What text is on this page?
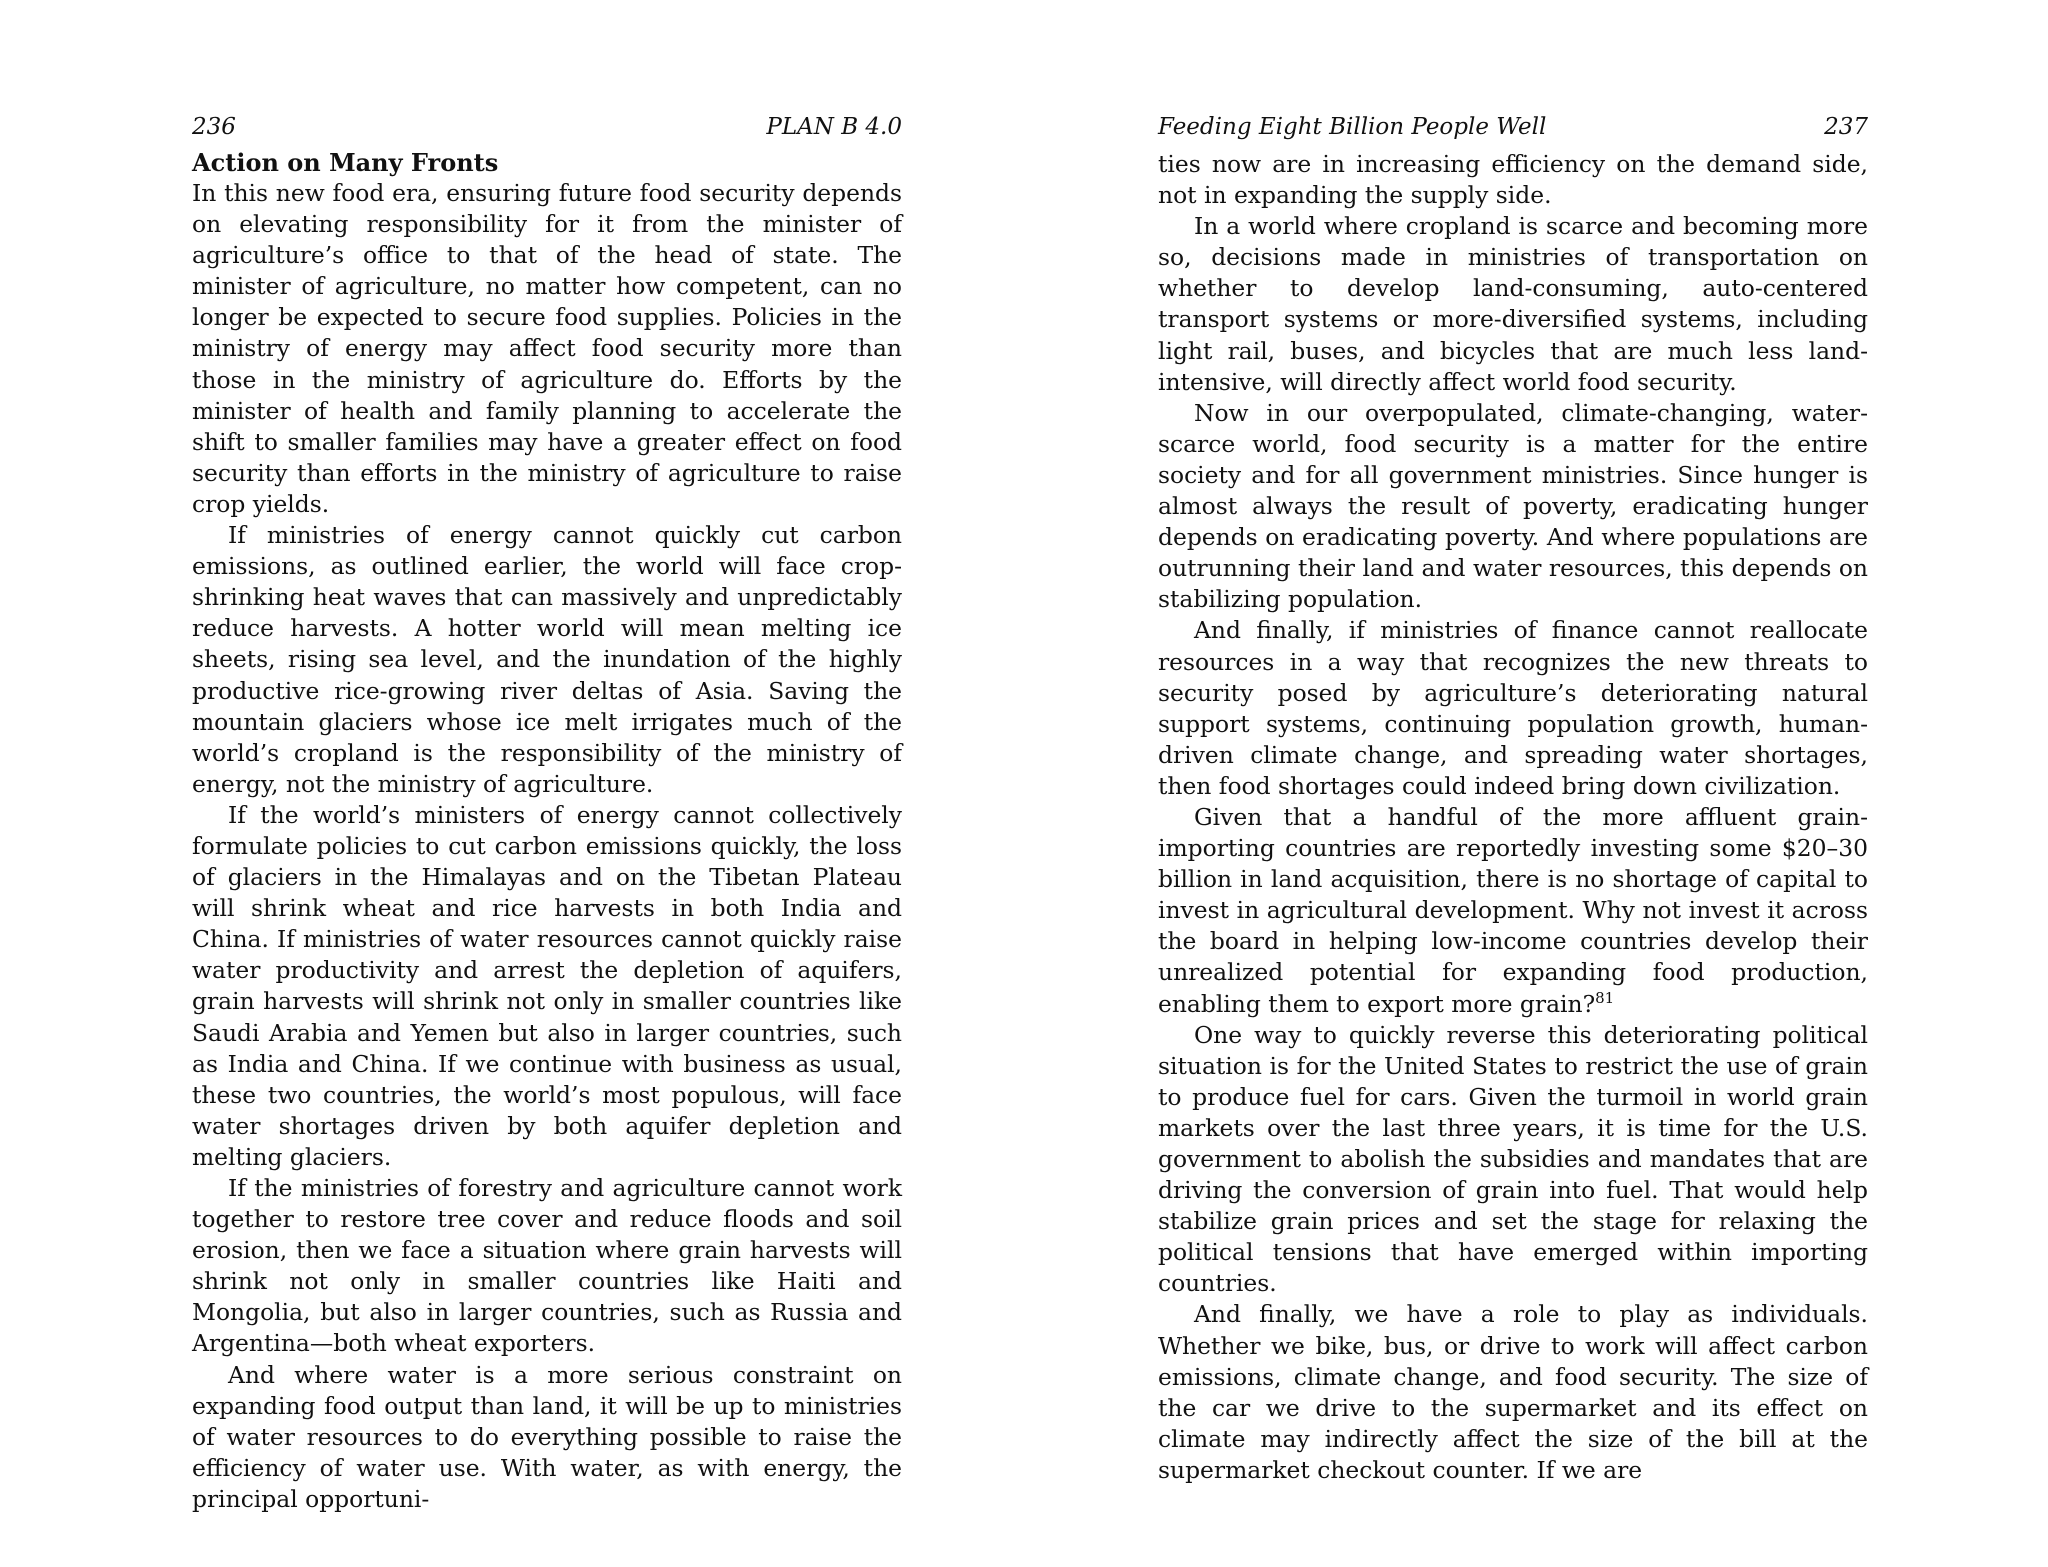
236	PLAN B 4.0
Action on Many Fronts

In this new food era, ensuring future food security depends on elevating responsibility for it from the minister of agriculture’s office to that of the head of state. The minister of agriculture, no matter how competent, can no longer be expected to secure food supplies. Policies in the ministry of energy may affect food security more than those in the ministry of agriculture do. Efforts by the minister of health and family planning to accelerate the shift to smaller families may have a greater effect on food security than efforts in the ministry of agriculture to raise crop yields.

If ministries of energy cannot quickly cut carbon emissions, as outlined earlier, the world will face crop-shrinking heat waves that can massively and unpredictably reduce harvests. A hotter world will mean melting ice sheets, rising sea level, and the inundation of the highly productive rice-growing river deltas of Asia. Saving the mountain glaciers whose ice melt irrigates much of the world’s cropland is the responsibility of the ministry of energy, not the ministry of agriculture.

If the world’s ministers of energy cannot collectively formulate policies to cut carbon emissions quickly, the loss of glaciers in the Himalayas and on the Tibetan Plateau will shrink wheat and rice harvests in both India and China. If ministries of water resources cannot quickly raise water productivity and arrest the depletion of aquifers, grain harvests will shrink not only in smaller countries like Saudi Arabia and Yemen but also in larger countries, such as India and China. If we continue with business as usual, these two countries, the world’s most populous, will face water shortages driven by both aquifer depletion and melting glaciers.

If the ministries of forestry and agriculture cannot work together to restore tree cover and reduce floods and soil erosion, then we face a situation where grain harvests will shrink not only in smaller countries like Haiti and Mongolia, but also in larger countries, such as Russia and Argentina—both wheat exporters.

And where water is a more serious constraint on expanding food output than land, it will be up to ministries of water resources to do everything possible to raise the efficiency of water use. With water, as with energy, the principal opportuni-

Feeding Eight Billion People Well	237

ties now are in increasing efficiency on the demand side, not in expanding the supply side.

In a world where cropland is scarce and becoming more so, decisions made in ministries of transportation on whether to develop land-consuming, auto-centered transport systems or more-diversified systems, including light rail, buses, and bicycles that are much less land-intensive, will directly affect world food security.

Now in our overpopulated, climate-changing, water-scarce world, food security is a matter for the entire society and for all government ministries. Since hunger is almost always the result of poverty, eradicating hunger depends on eradicating poverty. And where populations are outrunning their land and water resources, this depends on stabilizing population.

And finally, if ministries of finance cannot reallocate resources in a way that recognizes the new threats to security posed by agriculture’s deteriorating natural support systems, continuing population growth, human-driven climate change, and spreading water shortages, then food shortages could indeed bring down civilization.

Given that a handful of the more affluent grain-importing countries are reportedly investing some $20–30 billion in land acquisition, there is no shortage of capital to invest in agricultural development. Why not invest it across the board in helping low-income countries develop their unrealized potential for expanding food production, enabling them to export more grain?$^{81}$

One way to quickly reverse this deteriorating political situation is for the United States to restrict the use of grain to produce fuel for cars. Given the turmoil in world grain markets over the last three years, it is time for the U.S. government to abolish the subsidies and mandates that are driving the conversion of grain into fuel. That would help stabilize grain prices and set the stage for relaxing the political tensions that have emerged within importing countries.

And finally, we have a role to play as individuals. Whether we bike, bus, or drive to work will affect carbon emissions, climate change, and food security. The size of the car we drive to the supermarket and its effect on climate may indirectly affect the size of the bill at the supermarket checkout counter. If we are
